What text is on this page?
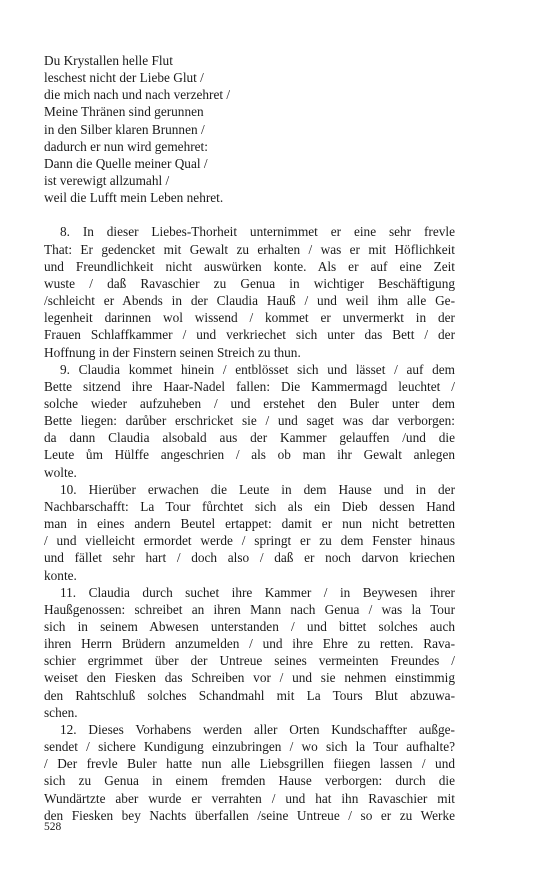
Du Krystallen helle Flut
leschest nicht der Liebe Glut /
die mich nach und nach verzehret /
Meine Thränen sind gerunnen
in den Silber klaren Brunnen /
dadurch er nun wird gemehret:
Dann die Quelle meiner Qual /
ist verewigt allzumahl /
weil die Lufft mein Leben nehret.
8. In dieser Liebes-Thorheit unternimmet er eine sehr frevle
That: Er gedencket mit Gewalt zu erhalten / was er mit Höflichkeit
und Freundlichkeit nicht auswürken konte. Als er auf eine Zeit
wuste / daß Ravaschier zu Genua in wichtiger Beschäftigung
/schleicht er Abends in der Claudia Hauß / und weil ihm alle Ge-
legenheit darinnen wol wissend / kommet er unvermerkt in der
Frauen Schlaffkammer / und verkriechet sich unter das Bett / der
Hoffnung in der Finstern seinen Streich zu thun.
9. Claudia kommet hinein / entblösset sich und lässet / auf dem
Bette sitzend ihre Haar-Nadel fallen: Die Kammermagd leuchtet /
solche wieder aufzuheben / und erstehet den Buler unter dem
Bette liegen: darůber erschricket sie / und saget was dar verborgen:
da dann Claudia alsobald aus der Kammer gelauffen /und die
Leute ům Hülffe angeschrien / als ob man ihr Gewalt anlegen
wolte.
10. Hierüber erwachen die Leute in dem Hause und in der
Nachbarschafft: La Tour fůrchtet sich als ein Dieb dessen Hand
man in eines andern Beutel ertappet: damit er nun nicht betretten
/ und vielleicht ermordet werde / springt er zu dem Fenster hinaus
und fället sehr hart / doch also / daß er noch darvon kriechen
konte.
11. Claudia durch suchet ihre Kammer / in Beywesen ihrer
Haußgenossen: schreibet an ihren Mann nach Genua / was la Tour
sich in seinem Abwesen unterstanden / und bittet solches auch
ihren Herrn Brüdern anzumelden / und ihre Ehre zu retten. Rava-
schier ergrimmet über der Untreue seines vermeinten Freundes /
weiset den Fiesken das Schreiben vor / und sie nehmen einstimmig
den Rahtschluß solches Schandmahl mit La Tours Blut abzuwa-
schen.
12. Dieses Vorhabens werden aller Orten Kundschaffter außge-
sendet / sichere Kundigung einzubringen / wo sich la Tour aufhalte?
/ Der frevle Buler hatte nun alle Liebsgrillen fiiegen lassen / und
sich zu Genua in einem fremden Hause verborgen: durch die
Wundärtzte aber wurde er verrahten / und hat ihn Ravaschier mit
den Fiesken bey Nachts überfallen /seine Untreue / so er zu Werke
528
